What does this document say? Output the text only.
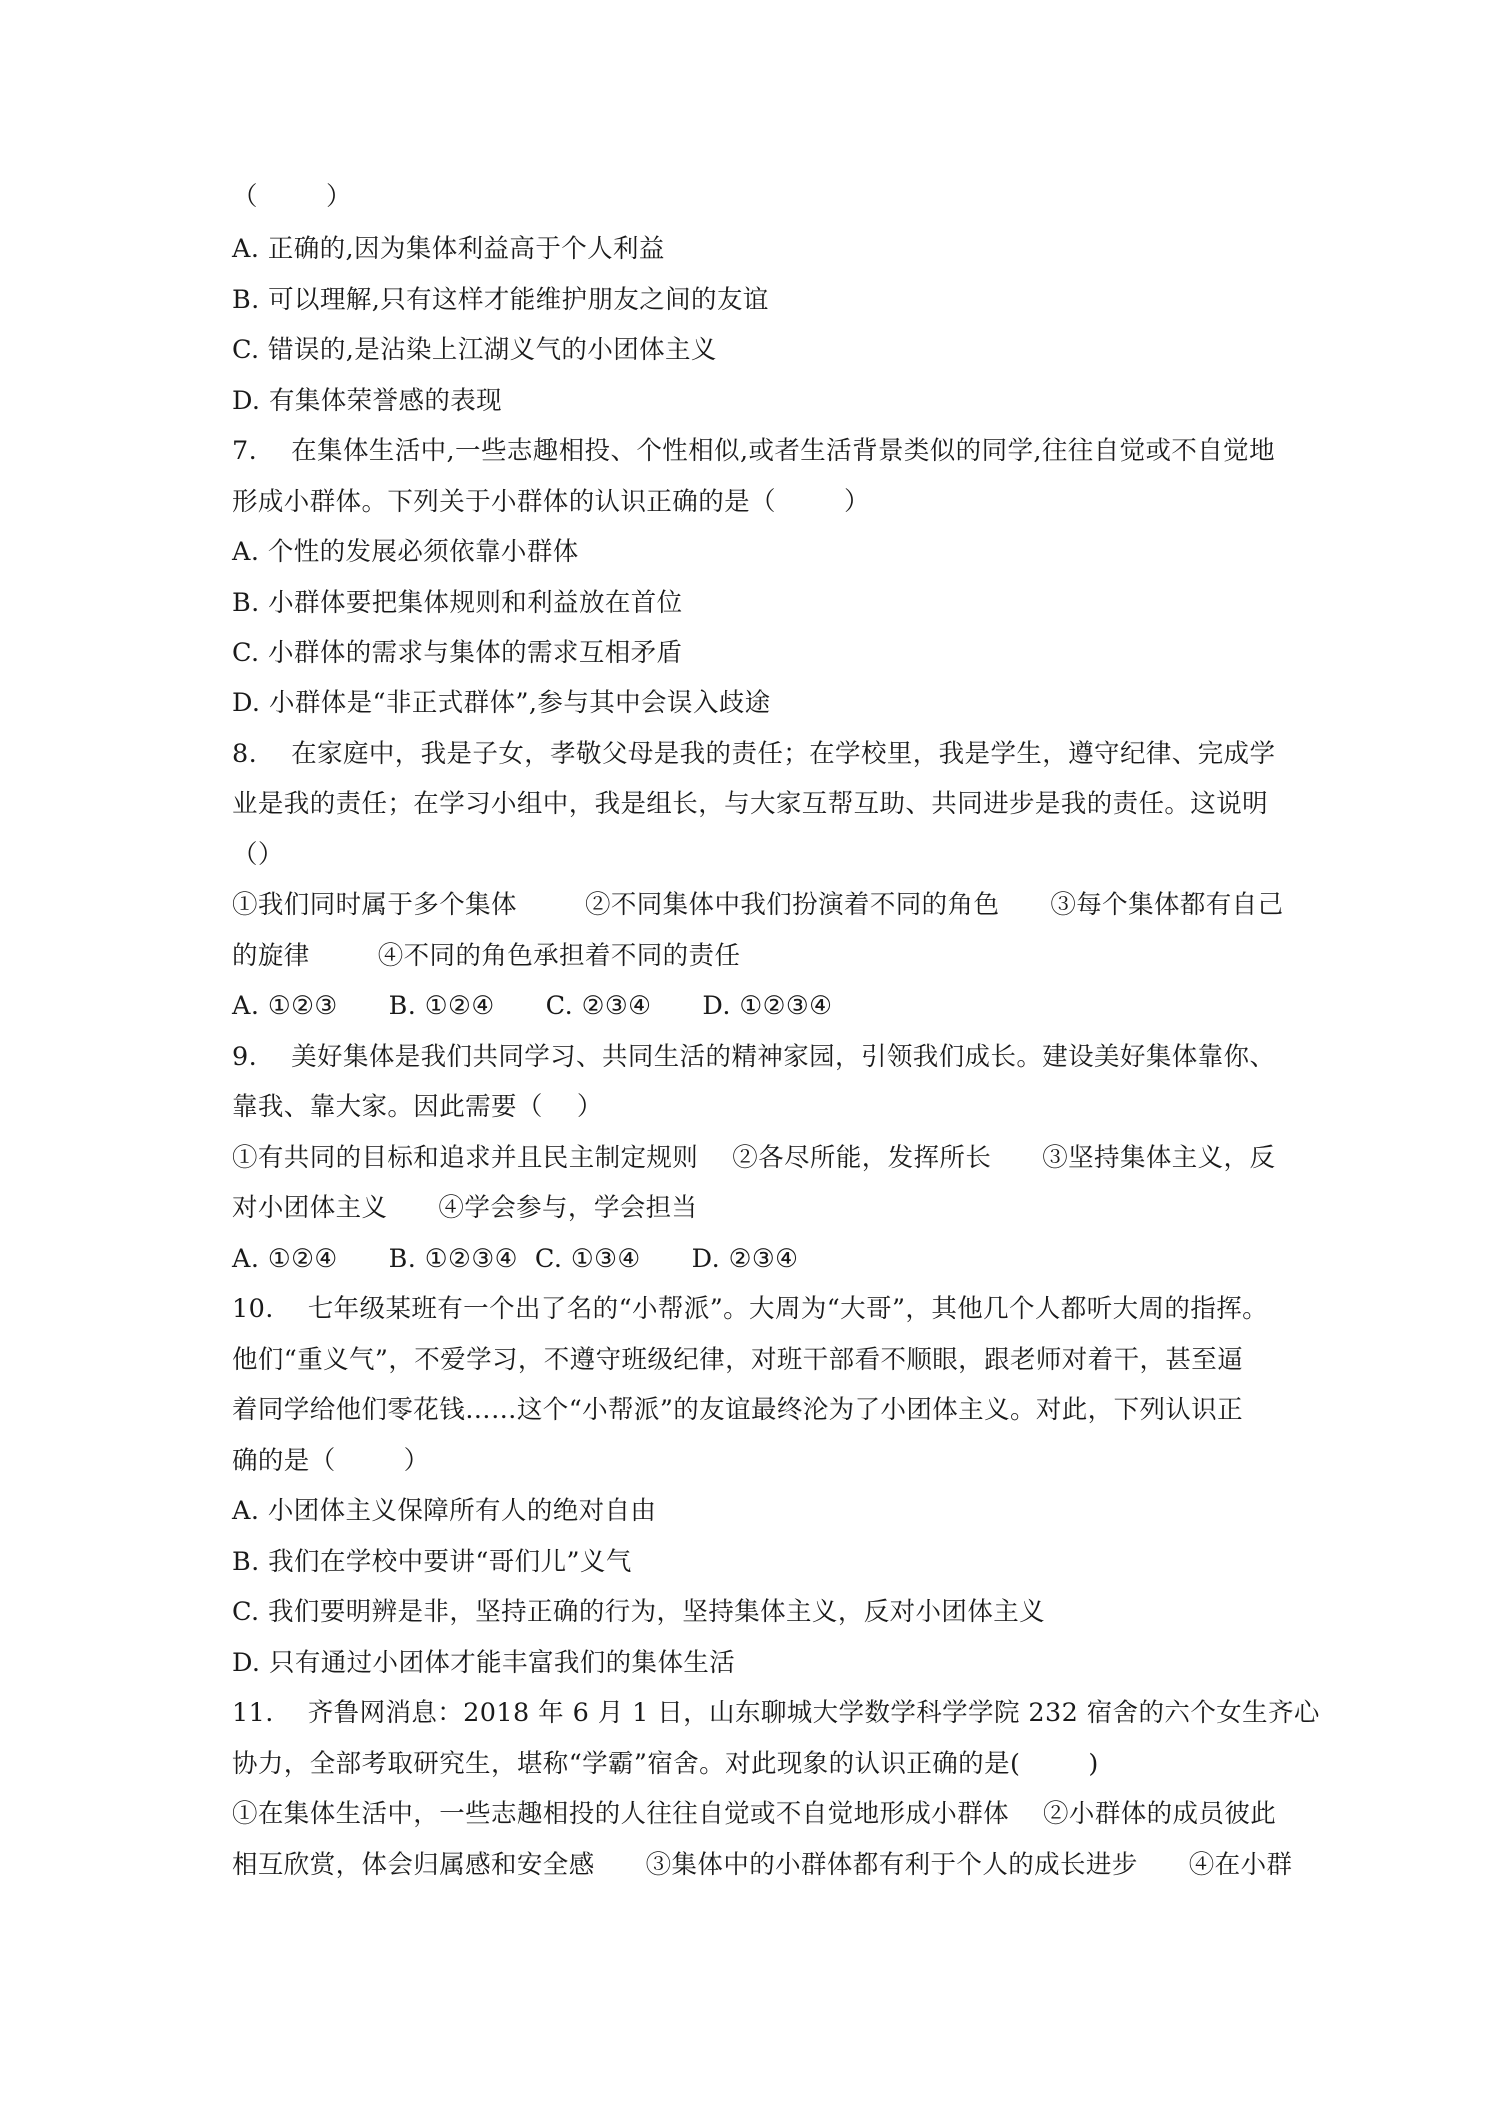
（        ）
A. 正确的,因为集体利益高于个人利益
B. 可以理解,只有这样才能维护朋友之间的友谊
C. 错误的,是沾染上江湖义气的小团体主义
D. 有集体荣誉感的表现
7.    在集体生活中,一些志趣相投、个性相似,或者生活背景类似的同学,往往自觉或不自觉地
形成小群体。下列关于小群体的认识正确的是（        ）
A. 个性的发展必须依靠小群体
B. 小群体要把集体规则和利益放在首位
C. 小群体的需求与集体的需求互相矛盾
D. 小群体是“非正式群体”,参与其中会误入歧途
8.    在家庭中，我是子女，孝敬父母是我的责任；在学校里，我是学生，遵守纪律、完成学
业是我的责任；在学习小组中，我是组长，与大家互帮互助、共同进步是我的责任。这说明
（）
①我们同时属于多个集体        ②不同集体中我们扮演着不同的角色      ③每个集体都有自己
的旋律        ④不同的角色承担着不同的责任
A. ①②③      B. ①②④      C. ②③④      D. ①②③④
9.    美好集体是我们共同学习、共同生活的精神家园，引领我们成长。建设美好集体靠你、
靠我、靠大家。因此需要（    ）
①有共同的目标和追求并且民主制定规则    ②各尽所能，发挥所长      ③坚持集体主义，反
对小团体主义      ④学会参与，学会担当
A. ①②④      B. ①②③④  C. ①③④      D. ②③④
10.    七年级某班有一个出了名的“小帮派”。大周为“大哥”，其他几个人都听大周的指挥。
他们“重义气”，不爱学习，不遵守班级纪律，对班干部看不顺眼，跟老师对着干，甚至逼
着同学给他们零花钱……这个“小帮派”的友谊最终沦为了小团体主义。对此，下列认识正
确的是（        ）
A. 小团体主义保障所有人的绝对自由
B. 我们在学校中要讲“哥们儿”义气
C. 我们要明辨是非，坚持正确的行为，坚持集体主义，反对小团体主义
D. 只有通过小团体才能丰富我们的集体生活
11.    齐鲁网消息：2018 年 6 月 1 日，山东聊城大学数学科学学院 232 宿舍的六个女生齐心
协力，全部考取研究生，堪称“学霸”宿舍。对此现象的认识正确的是(        )
①在集体生活中，一些志趣相投的人往往自觉或不自觉地形成小群体    ②小群体的成员彼此
相互欣赏，体会归属感和安全感      ③集体中的小群体都有利于个人的成长进步      ④在小群
